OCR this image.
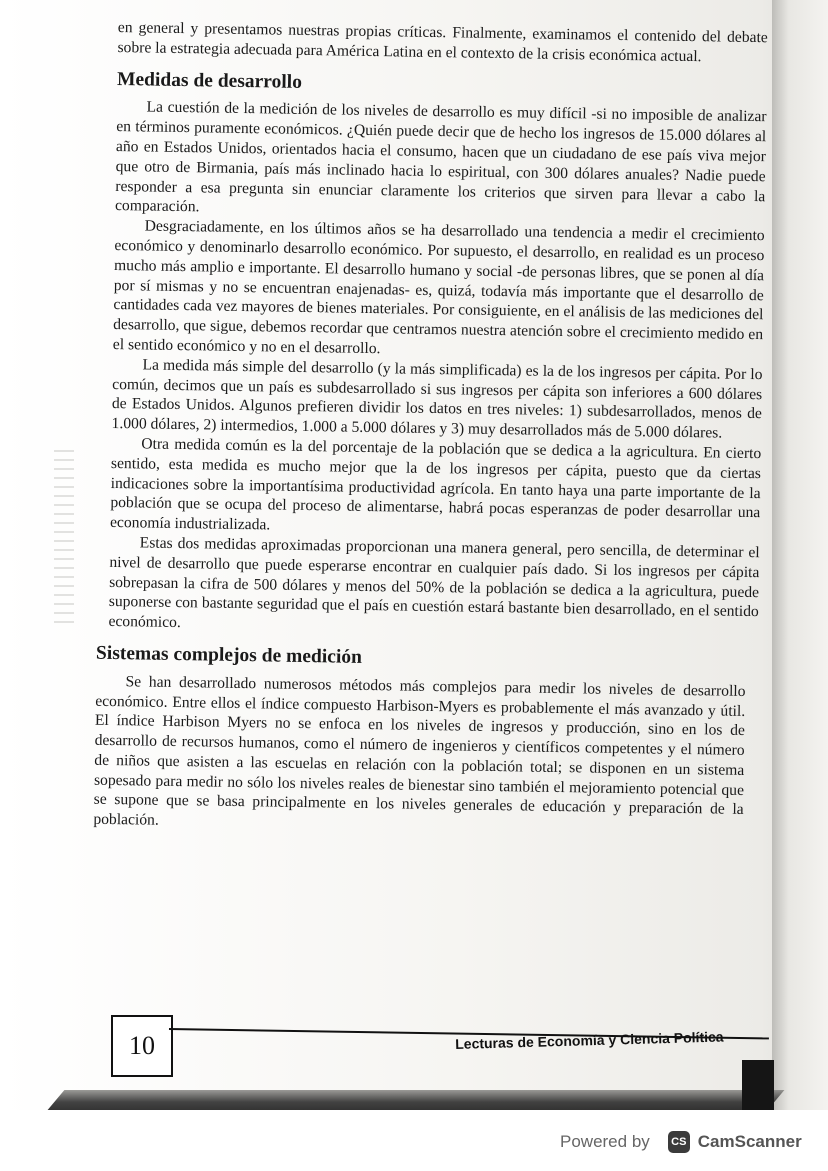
en general y presentamos nuestras propias críticas. Finalmente, examinamos el contenido del debate sobre la estrategia adecuada para América Latina en el contexto de la crisis económica actual.

Medidas de desarrollo

La cuestión de la medición de los niveles de desarrollo es muy difícil -si no imposible de analizar en términos puramente económicos. ¿Quién puede decir que de hecho los ingresos de 15.000 dólares al año en Estados Unidos, orientados hacia el consumo, hacen que un ciudadano de ese país viva mejor que otro de Birmania, país más inclinado hacia lo espiritual, con 300 dólares anuales? Nadie puede responder a esa pregunta sin enunciar claramente los criterios que sirven para llevar a cabo la comparación.

Desgraciadamente, en los últimos años se ha desarrollado una tendencia a medir el crecimiento económico y denominarlo desarrollo económico. Por supuesto, el desarrollo, en realidad es un proceso mucho más amplio e importante. El desarrollo humano y social -de personas libres, que se ponen al día por sí mismas y no se encuentran enajenadas- es, quizá, todavía más importante que el desarrollo de cantidades cada vez mayores de bienes materiales. Por consiguiente, en el análisis de las mediciones del desarrollo, que sigue, debemos recordar que centramos nuestra atención sobre el crecimiento medido en el sentido económico y no en el desarrollo.

La medida más simple del desarrollo (y la más simplificada) es la de los ingresos per cápita. Por lo común, decimos que un país es subdesarrollado si sus ingresos per cápita son inferiores a 600 dólares de Estados Unidos. Algunos prefieren dividir los datos en tres niveles: 1) subdesarrollados, menos de 1.000 dólares, 2) intermedios, 1.000 a 5.000 dólares y 3) muy desarrollados más de 5.000 dólares.

Otra medida común es la del porcentaje de la población que se dedica a la agricultura. En cierto sentido, esta medida es mucho mejor que la de los ingresos per cápita, puesto que da ciertas indicaciones sobre la importantísima productividad agrícola. En tanto haya una parte importante de la población que se ocupa del proceso de alimentarse, habrá pocas esperanzas de poder desarrollar una economía industrializada.

Estas dos medidas aproximadas proporcionan una manera general, pero sencilla, de determinar el nivel de desarrollo que puede esperarse encontrar en cualquier país dado. Si los ingresos per cápita sobrepasan la cifra de 500 dólares y menos del 50% de la población se dedica a la agricultura, puede suponerse con bastante seguridad que el país en cuestión estará bastante bien desarrollado, en el sentido económico.

Sistemas complejos de medición

Se han desarrollado numerosos métodos más complejos para medir los niveles de desarrollo económico. Entre ellos el índice compuesto Harbison-Myers es probablemente el más avanzado y útil. El índice Harbison Myers no se enfoca en los niveles de ingresos y producción, sino en los de desarrollo de recursos humanos, como el número de ingenieros y científicos competentes y el número de niños que asisten a las escuelas en relación con la población total; se disponen en un sistema sopesado para medir no sólo los niveles reales de bienestar sino también el mejoramiento potencial que se supone que se basa principalmente en los niveles generales de educación y preparación de la población.

10	Lecturas de Economía y Ciencia Política
Powered by	CS CamScanner
